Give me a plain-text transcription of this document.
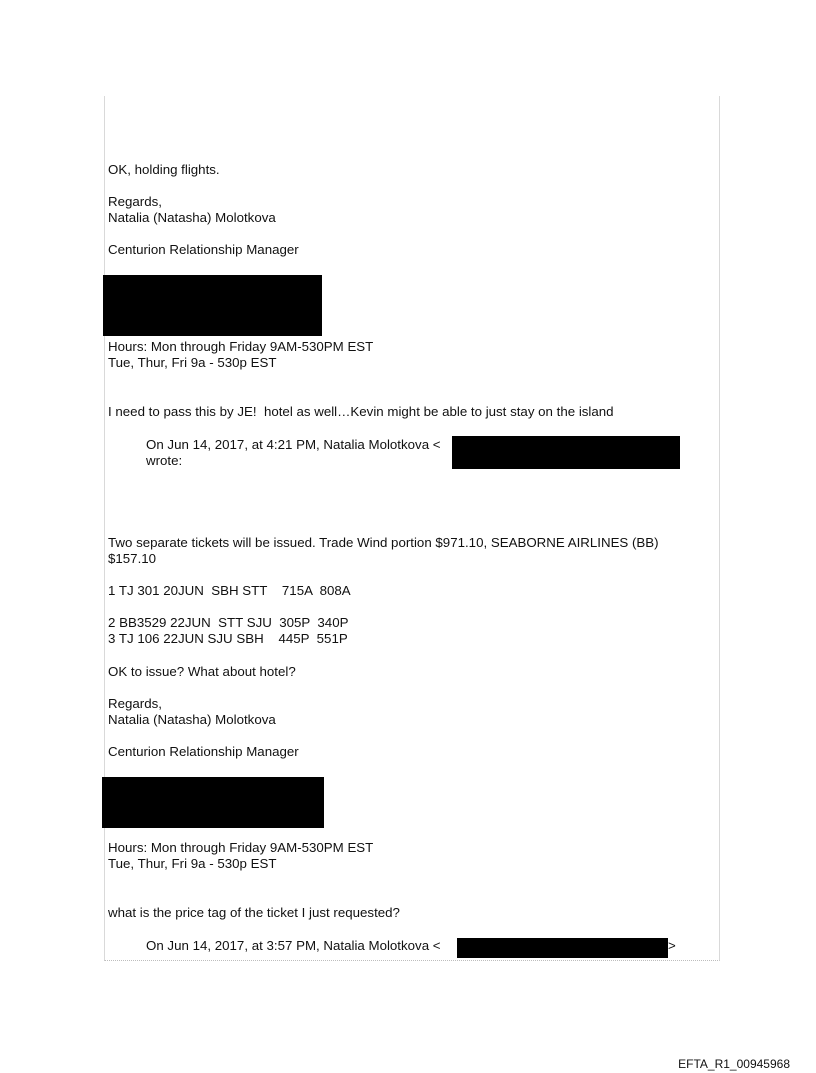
OK, holding flights.
Regards,
Natalia (Natasha) Molotkova
Centurion Relationship Manager
Hours: Mon through Friday 9AM-530PM EST
Tue, Thur, Fri 9a - 530p EST
I need to pass this by JE!  hotel as well…Kevin might be able to just stay on the island
On Jun 14, 2017, at 4:21 PM, Natalia Molotkova <
wrote:
Two separate tickets will be issued. Trade Wind portion $971.10, SEABORNE AIRLINES (BB)
$157.10
1 TJ 301 20JUN  SBH STT    715A  808A
2 BB3529 22JUN  STT SJU  305P  340P
3 TJ 106 22JUN SJU SBH    445P  551P
OK to issue? What about hotel?
Regards,
Natalia (Natasha) Molotkova
Centurion Relationship Manager
Hours: Mon through Friday 9AM-530PM EST
Tue, Thur, Fri 9a - 530p EST
what is the price tag of the ticket I just requested?
On Jun 14, 2017, at 3:57 PM, Natalia Molotkova <	>
EFTA_R1_00945968
